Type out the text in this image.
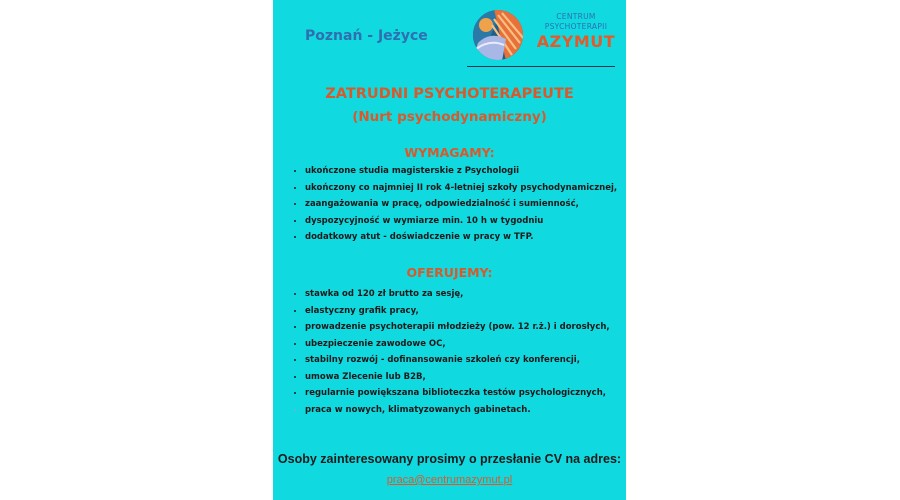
Poznań - Jeżyce
CENTRUM
PSYCHOTERAPII
AZYMUT
ZATRUDNI PSYCHOTERAPEUTE
(Nurt psychodynamiczny)
WYMAGAMY:
• ukończone studia magisterskie z Psychologii
• ukończony co najmniej II rok 4-letniej szkoły psychodynamicznej,
• zaangażowania w pracę, odpowiedzialność i sumienność,
• dyspozycyjność w wymiarze min. 10 h w tygodniu
• dodatkowy atut - doświadczenie w pracy w TFP.
OFERUJEMY:
• stawka od 120 zł brutto za sesję,
• elastyczny grafik pracy,
• prowadzenie psychoterapii młodzieży (pow. 12 r.ż.) i dorosłych,
• ubezpieczenie zawodowe OC,
• stabilny rozwój - dofinansowanie szkoleń czy konferencji,
• umowa Zlecenie lub B2B,
• regularnie powiększana biblioteczka testów psychologicznych,
• praca w nowych, klimatyzowanych gabinetach.
Osoby zainteresowany prosimy o przesłanie CV na adres:
praca@centrumazymut.pl
